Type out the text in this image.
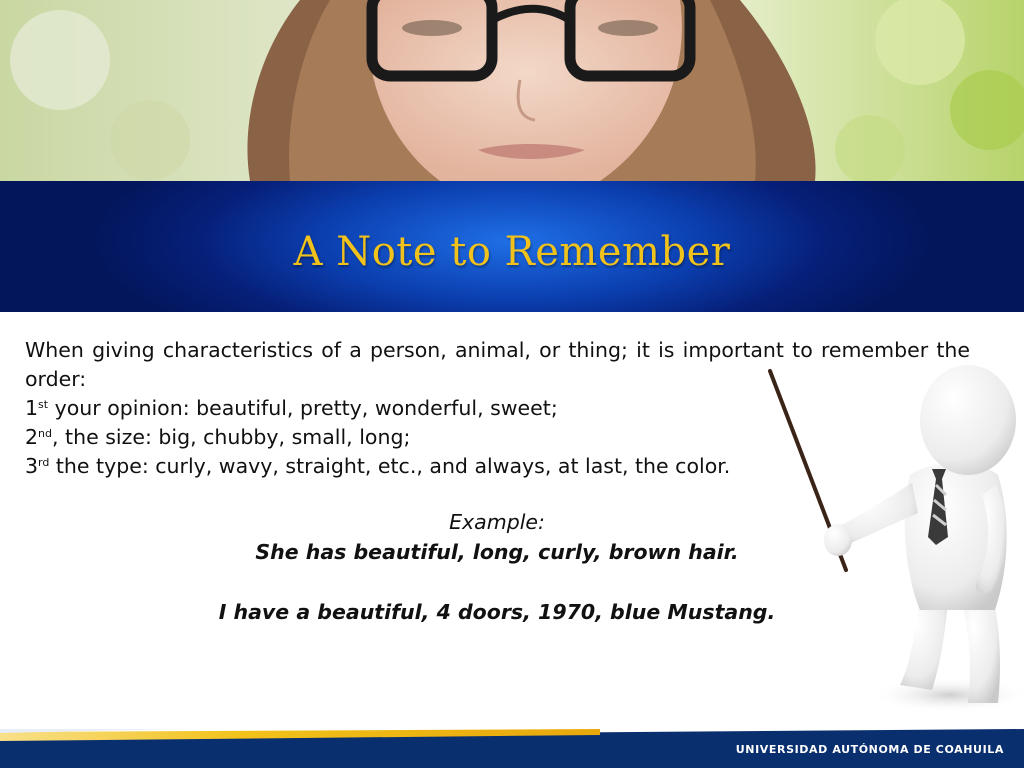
A Note to Remember
When giving characteristics of a person, animal, or thing; it is important to remember the order:
1st your opinion: beautiful, pretty, wonderful, sweet;
2nd, the size: big, chubby, small, long;
3rd the type: curly, wavy, straight, etc., and always, at last, the color.
Example:
She has beautiful, long, curly, brown hair.
I have a beautiful, 4 doors, 1970, blue Mustang.
UNIVERSIDAD AUTÓNOMA DE COAHUILA
